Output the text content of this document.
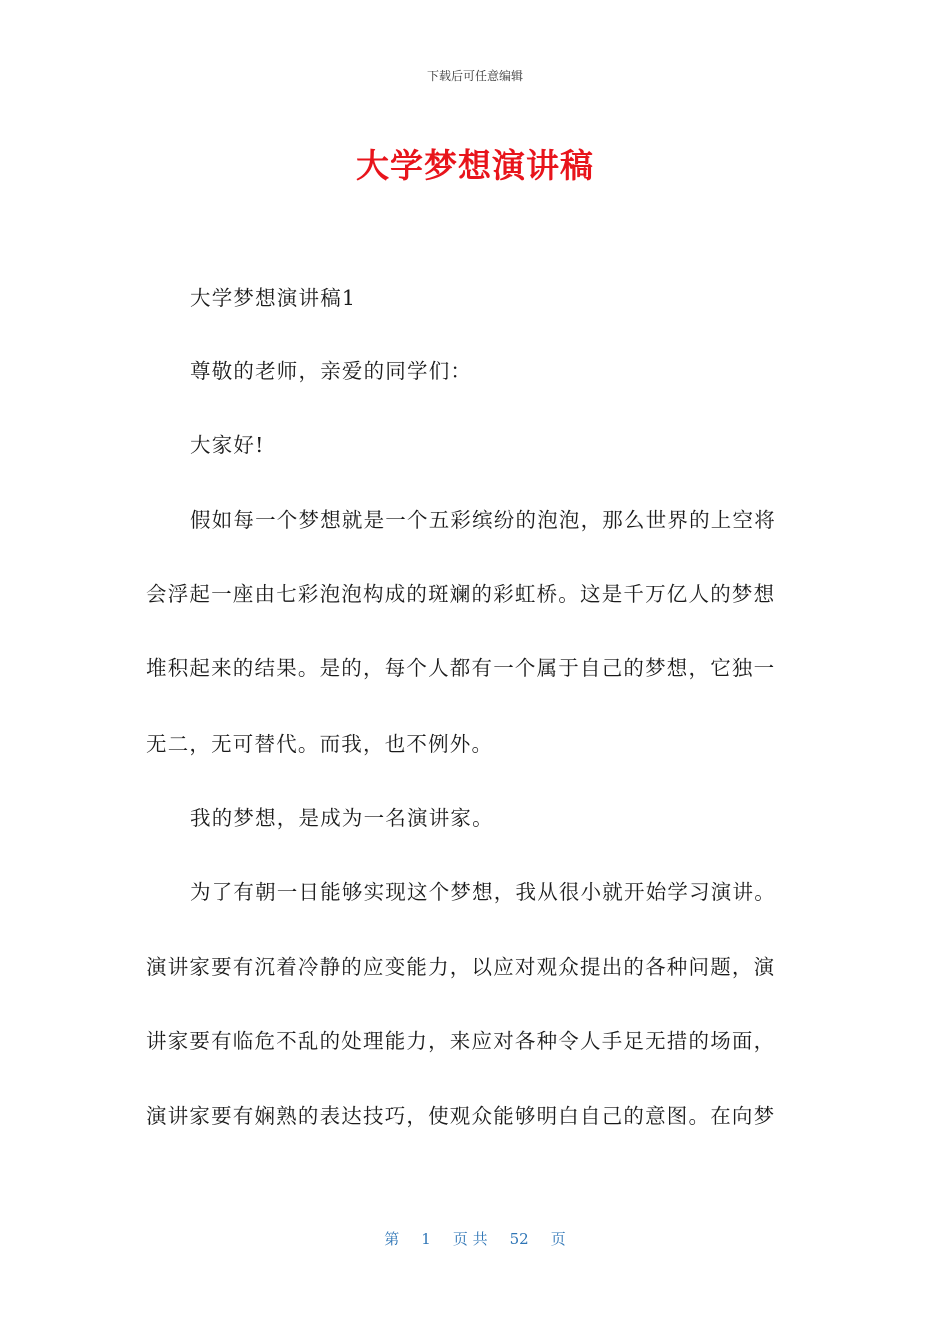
下载后可任意编辑
大学梦想演讲稿
大学梦想演讲稿1
尊敬的老师，亲爱的同学们：
大家好!
假如每一个梦想就是一个五彩缤纷的泡泡，那么世界的上空将
会浮起一座由七彩泡泡构成的斑斓的彩虹桥。这是千万亿人的梦想
堆积起来的结果。是的，每个人都有一个属于自己的梦想，它独一
无二，无可替代。而我，也不例外。
我的梦想，是成为一名演讲家。
为了有朝一日能够实现这个梦想，我从很小就开始学习演讲。
演讲家要有沉着冷静的应变能力，以应对观众提出的各种问题，演
讲家要有临危不乱的处理能力，来应对各种令人手足无措的场面，
演讲家要有娴熟的表达技巧，使观众能够明白自己的意图。在向梦
第 1 页 共 52 页
